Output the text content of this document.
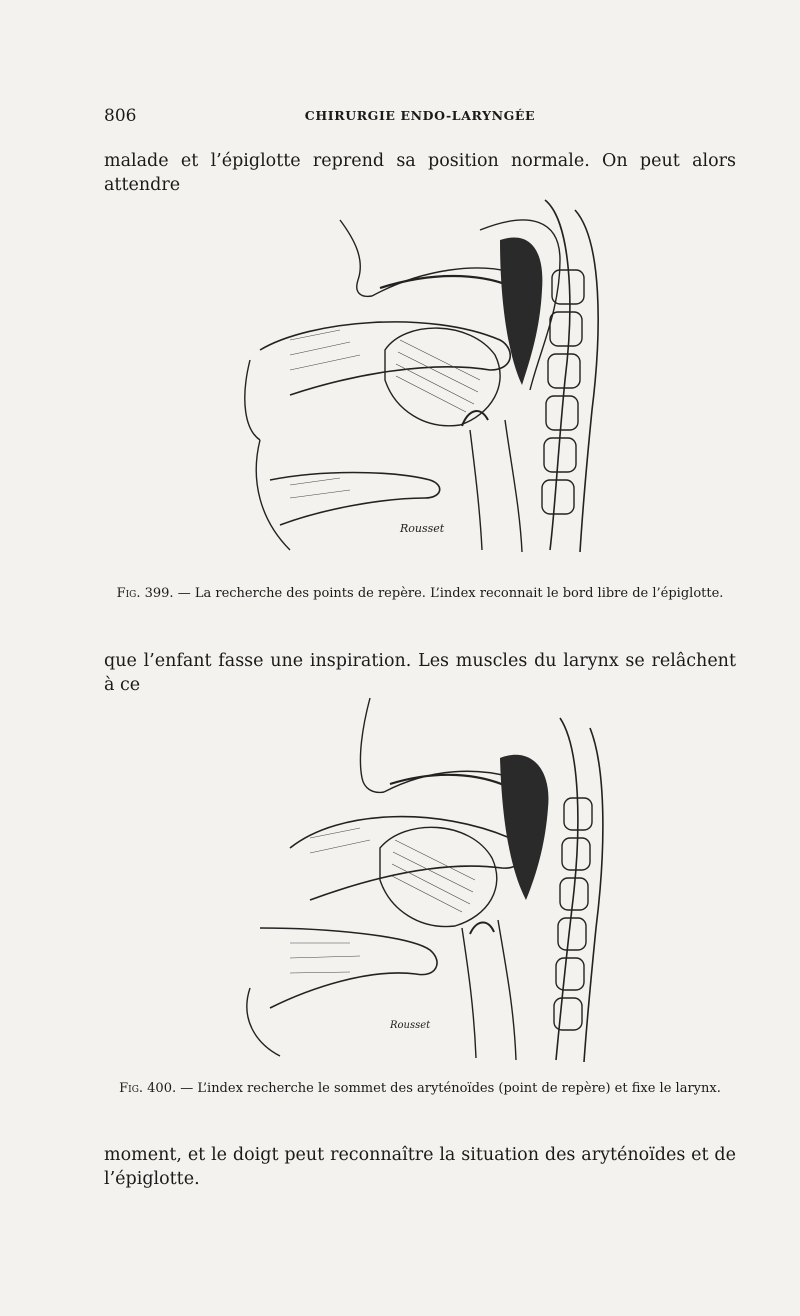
806	CHIRURGIE ENDO-LARYNGÉE

malade et l’épiglotte reprend sa position normale. On peut alors attendre

Rousset

Fig. 399. — La recherche des points de repère. L’index reconnait le bord libre de l’épiglotte.

que l’enfant fasse une inspiration. Les muscles du larynx se relâchent à ce

Rousset

Fig. 400. — L’index recherche le sommet des aryténoïdes (point de repère) et fixe le larynx.

moment, et le doigt peut reconnaître la situation des aryténoïdes et de l’épiglotte.
